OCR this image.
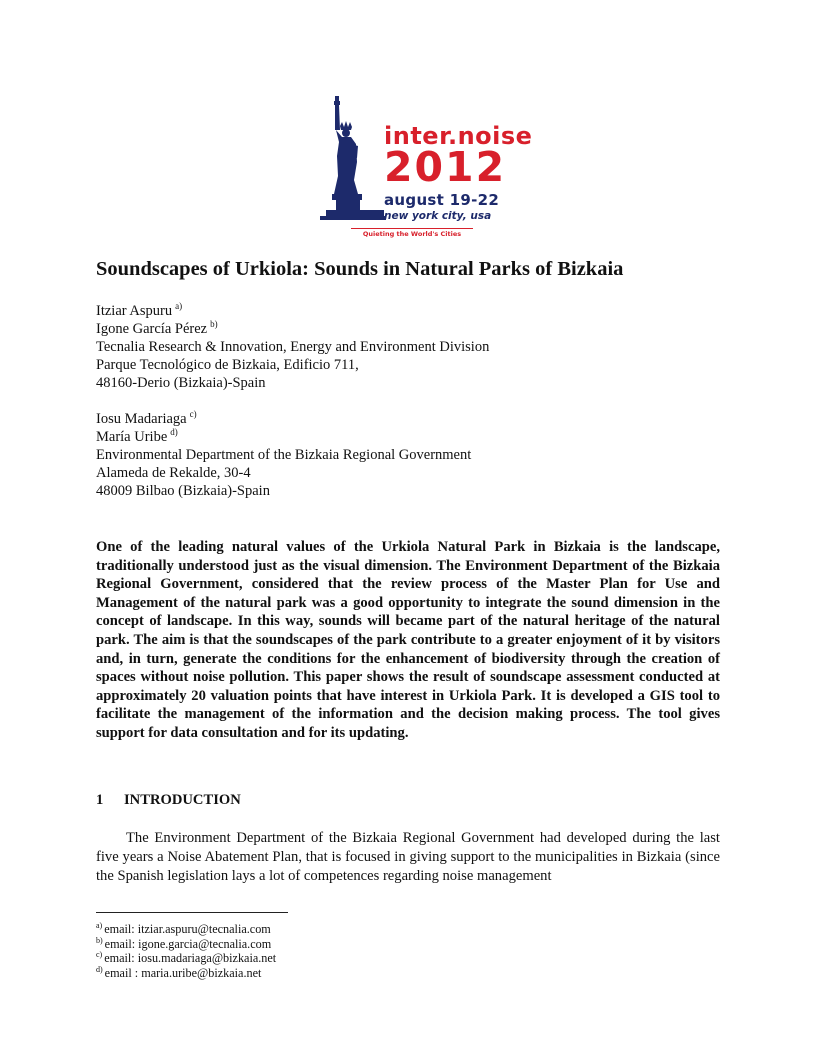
inter.noise
2012
august 19-22
new york city, usa
Quieting the World's Cities
Soundscapes of Urkiola: Sounds in Natural Parks of Bizkaia
Itziar Aspuru $^{a)}$
Igone García Pérez $^{b)}$
Tecnalia Research & Innovation, Energy and Environment Division
Parque Tecnológico de Bizkaia, Edificio 711,
48160-Derio (Bizkaia)-Spain
Iosu Madariaga $^{c)}$
María Uribe $^{d)}$
Environmental Department of the Bizkaia Regional Government
Alameda de Rekalde, 30-4
48009 Bilbao (Bizkaia)-Spain
One of the leading natural values of the Urkiola Natural Park in Bizkaia is the landscape, traditionally understood just as the visual dimension. The Environment Department of the Bizkaia Regional Government, considered that the review process of the Master Plan for Use and Management of the natural park was a good opportunity to integrate the sound dimension in the concept of landscape. In this way, sounds will became part of the natural heritage of the natural park. The aim is that the soundscapes of the park contribute to a greater enjoyment of it by visitors and, in turn, generate the conditions for the enhancement of biodiversity through the creation of spaces without noise pollution. This paper shows the result of soundscape assessment conducted at approximately 20 valuation points that have interest in Urkiola Park. It is developed a GIS tool to facilitate the management of the information and the decision making process. The tool gives support for data consultation and for its updating.
1 INTRODUCTION
The Environment Department of the Bizkaia Regional Government had developed during the last five years a Noise Abatement Plan, that is focused in giving support to the municipalities in Bizkaia (since the Spanish legislation lays a lot of competences regarding noise management
$^{a)}$ email: itziar.aspuru@tecnalia.com
$^{b)}$ email: igone.garcia@tecnalia.com
$^{c)}$ email: iosu.madariaga@bizkaia.net
$^{d)}$ email : maria.uribe@bizkaia.net
